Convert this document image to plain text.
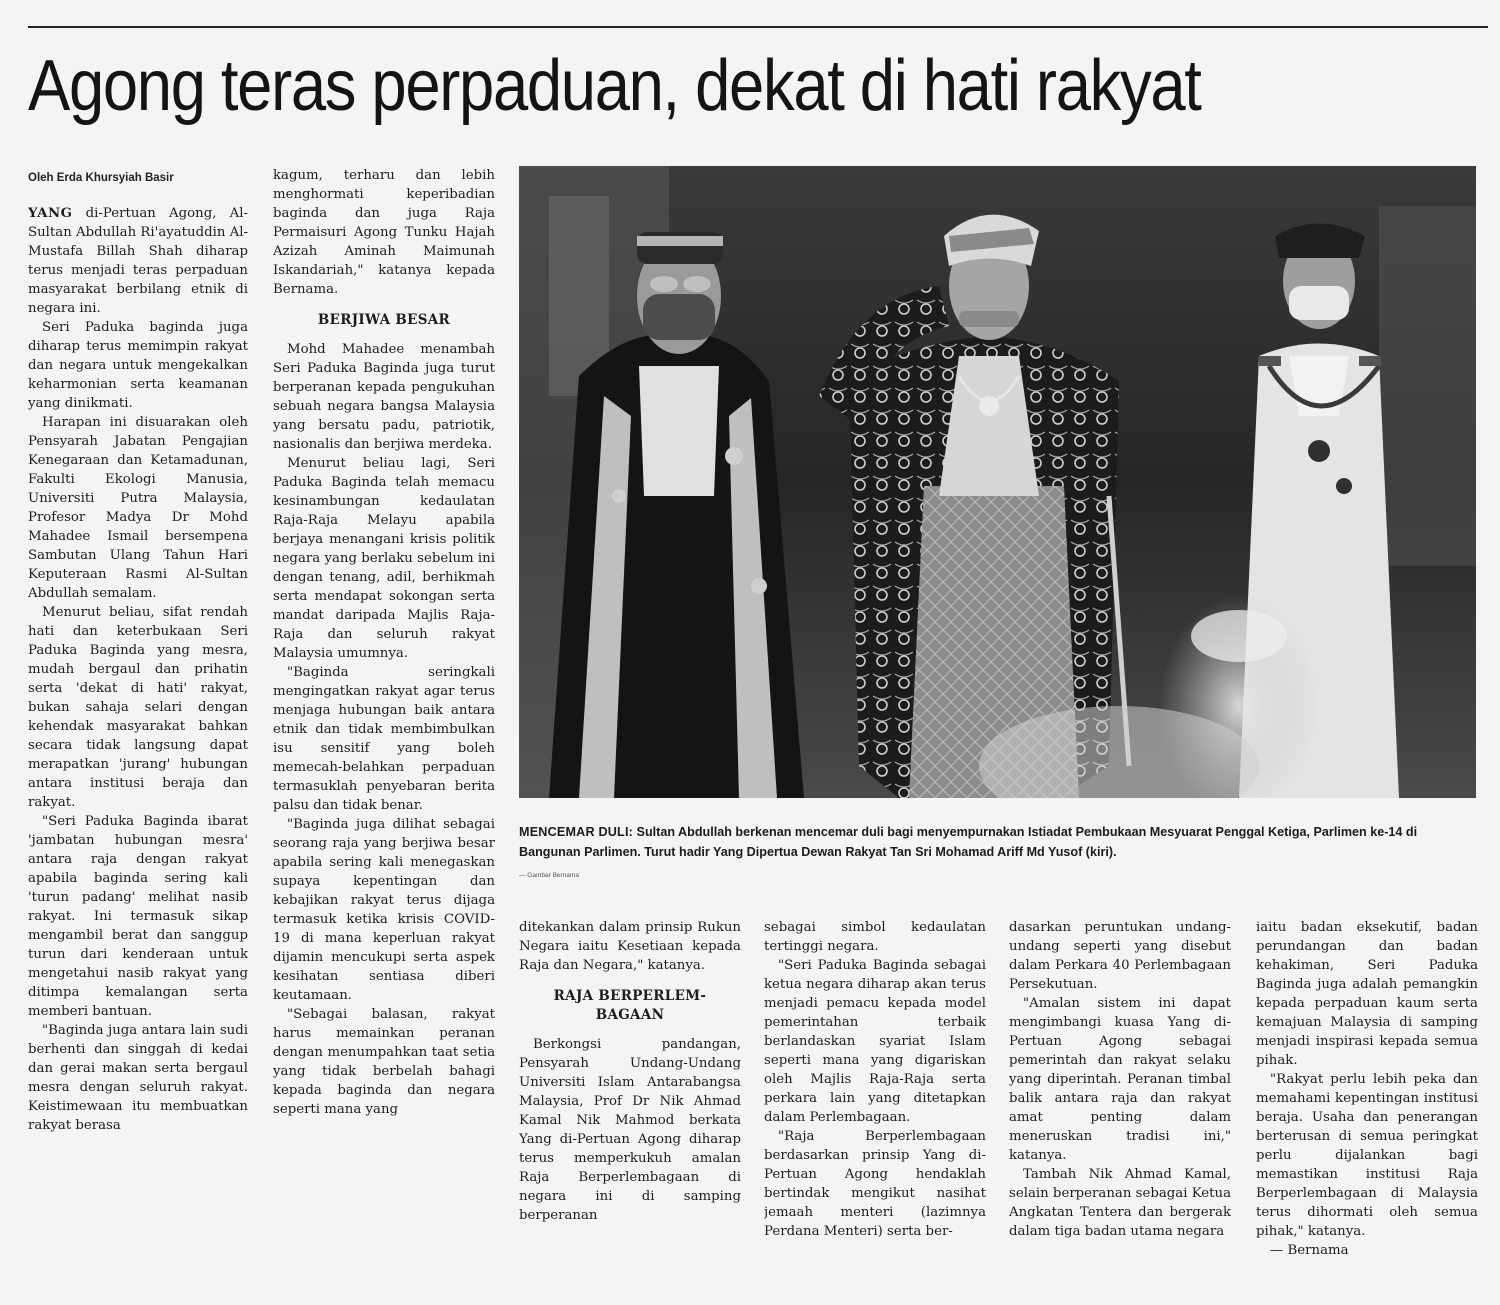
Agong teras perpaduan, dekat di hati rakyat
Oleh Erda Khursyiah Basir

YANG di-Pertuan Agong, Al-Sultan Abdullah Ri'ayatuddin Al-Mustafa Billah Shah diharap terus menjadi teras perpaduan masyarakat berbilang etnik di negara ini.

Seri Paduka baginda juga diharap terus memimpin rakyat dan negara untuk mengekalkan keharmonian serta keamanan yang dinikmati.

Harapan ini disuarakan oleh Pensyarah Jabatan Pengajian Kenegaraan dan Ketamadunan, Fakulti Ekologi Manusia, Universiti Putra Malaysia, Profesor Madya Dr Mohd Mahadee Ismail bersempena Sambutan Ulang Tahun Hari Keputeraan Rasmi Al-Sultan Abdullah semalam.

Menurut beliau, sifat rendah hati dan keterbukaan Seri Paduka Baginda yang mesra, mudah bergaul dan prihatin serta 'dekat di hati' rakyat, bukan sahaja selari dengan kehendak masyarakat bahkan secara tidak langsung dapat merapatkan 'jurang' hubungan antara institusi beraja dan rakyat.

"Seri Paduka Baginda ibarat 'jambatan hubungan mesra' antara raja dengan rakyat apabila baginda sering kali 'turun padang' melihat nasib rakyat. Ini termasuk sikap mengambil berat dan sanggup turun dari kenderaan untuk mengetahui nasib rakyat yang ditimpa kemalangan serta memberi bantuan.

"Baginda juga antara lain sudi berhenti dan singgah di kedai dan gerai makan serta bergaul mesra dengan seluruh rakyat. Keistimewaan itu membuatkan rakyat berasa

kagum, terharu dan lebih menghormati keperibadian baginda dan juga Raja Permaisuri Agong Tunku Hajah Azizah Aminah Maimunah Iskandariah," katanya kepada Bernama.

BERJIWA BESAR

Mohd Mahadee menambah Seri Paduka Baginda juga turut berperanan kepada pengukuhan sebuah negara bangsa Malaysia yang bersatu padu, patriotik, nasionalis dan berjiwa merdeka.

Menurut beliau lagi, Seri Paduka Baginda telah memacu kesinambungan kedaulatan Raja-Raja Melayu apabila berjaya menangani krisis politik negara yang berlaku sebelum ini dengan tenang, adil, berhikmah serta mendapat sokongan serta mandat daripada Majlis Raja-Raja dan seluruh rakyat Malaysia umumnya.

"Baginda seringkali mengingatkan rakyat agar terus menjaga hubungan baik antara etnik dan tidak membimbulkan isu sensitif yang boleh memecah-belahkan perpaduan termasuklah penyebaran berita palsu dan tidak benar.

"Baginda juga dilihat sebagai seorang raja yang berjiwa besar apabila sering kali menegaskan supaya kepentingan dan kebajikan rakyat terus dijaga termasuk ketika krisis COVID-19 di mana keperluan rakyat dijamin mencukupi serta aspek kesihatan sentiasa diberi keutamaan.

"Sebagai balasan, rakyat harus memainkan peranan dengan menumpahkan taat setia yang tidak berbelah bahagi kepada baginda dan negara seperti mana yang

MENCEMAR DULI: Sultan Abdullah berkenan mencemar duli bagi menyempurnakan Istiadat Pembukaan Mesyuarat Penggal Ketiga, Parlimen ke-14 di Bangunan Parlimen. Turut hadir Yang Dipertua Dewan Rakyat Tan Sri Mohamad Ariff Md Yusof (kiri).
— Gambar Bernama

ditekankan dalam prinsip Rukun Negara iaitu Kesetiaan kepada Raja dan Negara," katanya.

RAJA BERPERLEM-
BAGAAN

Berkongsi pandangan, Pensyarah Undang-Undang Universiti Islam Antarabangsa Malaysia, Prof Dr Nik Ahmad Kamal Nik Mahmod berkata Yang di-Pertuan Agong diharap terus memperkukuh amalan Raja Berperlembagaan di negara ini di samping berperanan

sebagai simbol kedaulatan tertinggi negara.

"Seri Paduka Baginda sebagai ketua negara diharap akan terus menjadi pemacu kepada model pemerintahan terbaik berlandaskan syariat Islam seperti mana yang digariskan oleh Majlis Raja-Raja serta perkara lain yang ditetapkan dalam Perlembagaan.

"Raja Berperlembagaan berdasarkan prinsip Yang di-Pertuan Agong hendaklah bertindak mengikut nasihat jemaah menteri (lazimnya Perdana Menteri) serta ber-

dasarkan peruntukan undang-undang seperti yang disebut dalam Perkara 40 Perlembagaan Persekutuan.

"Amalan sistem ini dapat mengimbangi kuasa Yang di-Pertuan Agong sebagai pemerintah dan rakyat selaku yang diperintah. Peranan timbal balik antara raja dan rakyat amat penting dalam meneruskan tradisi ini," katanya.

Tambah Nik Ahmad Kamal, selain berperanan sebagai Ketua Angkatan Tentera dan bergerak dalam tiga badan utama negara

iaitu badan eksekutif, badan perundangan dan badan kehakiman, Seri Paduka Baginda juga adalah pemangkin kepada perpaduan kaum serta kemajuan Malaysia di samping menjadi inspirasi kepada semua pihak.

"Rakyat perlu lebih peka dan memahami kepentingan institusi beraja. Usaha dan penerangan berterusan di semua peringkat perlu dijalankan bagi memastikan institusi Raja Berperlembagaan di Malaysia terus dihormati oleh semua pihak," katanya.

— Bernama
